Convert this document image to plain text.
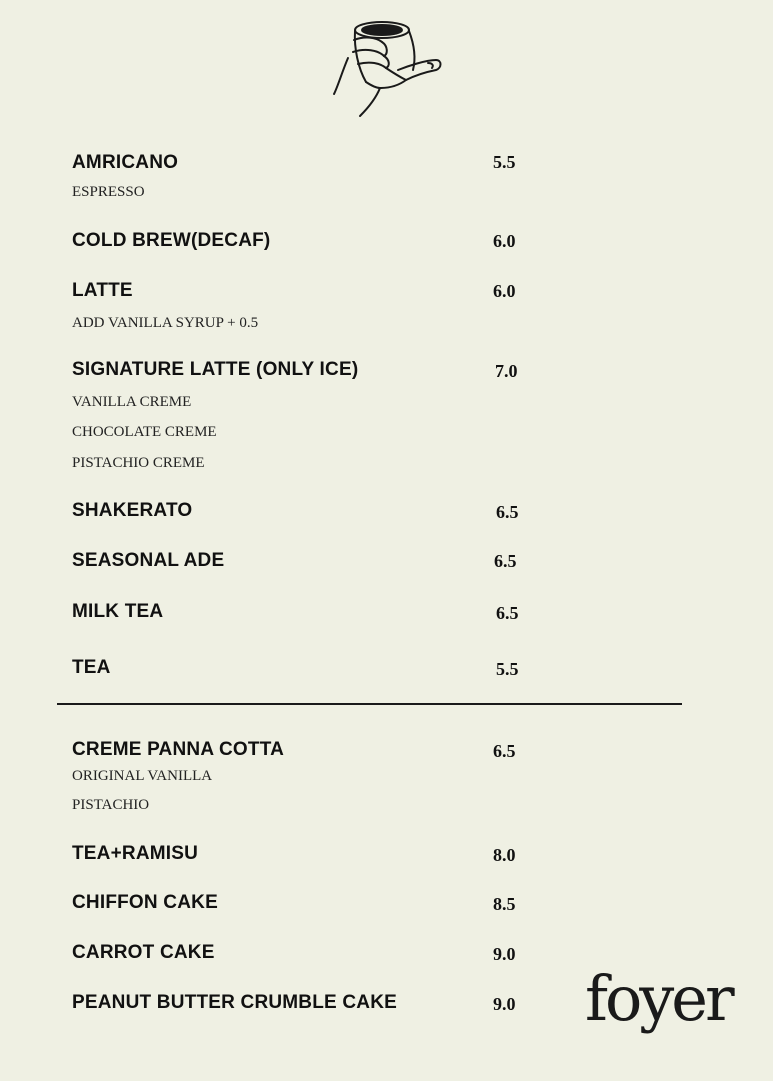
AMRICANO	5.5
ESPRESSO
COLD BREW(DECAF)	6.0
LATTE	6.0
ADD VANILLA SYRUP + 0.5
SIGNATURE LATTE (ONLY ICE)	7.0
VANILLA CREME
CHOCOLATE CREME
PISTACHIO CREME
SHAKERATO	6.5
SEASONAL ADE	6.5
MILK TEA	6.5
TEA	5.5
CREME PANNA COTTA	6.5
ORIGINAL VANILLA
PISTACHIO
TEA+RAMISU	8.0
CHIFFON CAKE	8.5
CARROT CAKE	9.0
PEANUT BUTTER CRUMBLE CAKE	9.0 foyer
